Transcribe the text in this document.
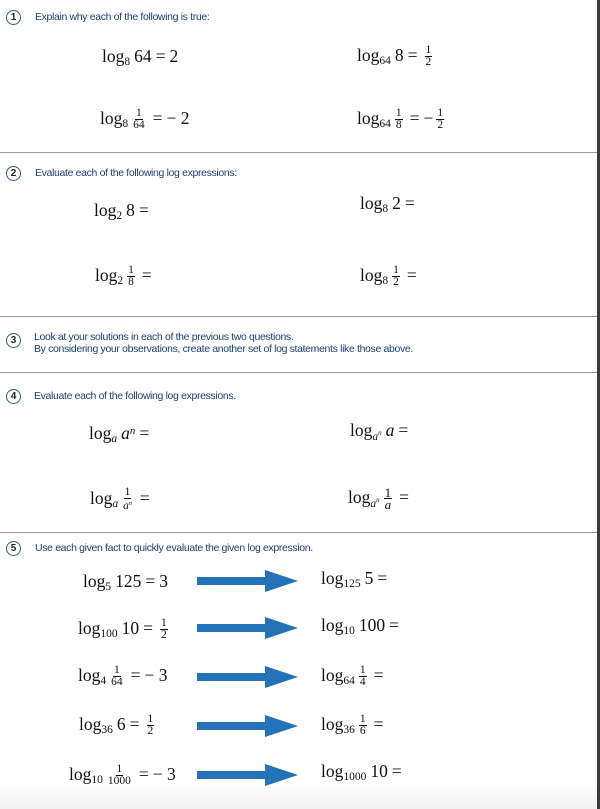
1	Explain why each of the following is true:
log 8 64 = 2	log 64 $8 = \frac{1}{2}$
$\log 8 \frac{1}{64}$ = − 2	$\log 64 \frac{1}{8}$ = − $\frac{1}{2}$
2	Evaluate each of the following log expressions:
log 2 8 =	log 8 2 =
$\log 2 \frac{1}{8}$ =	$\log 8 \frac{1}{2}$ =
3	Look at your solutions in each of the previous two questions.
By considering your observations, create another set of log statements like those above.
4	Evaluate each of the following log expressions.
log a $a^n$ =	$\log a^n$ a =
log a $\frac{1}{a^n}$ =	$\log a^n \frac{1}{a}$ =
5	Use each given fact to quickly evaluate the given log expression.
log 5 125 = 3	log 125 5 =
log 100 $10 = \frac{1}{2}$	log 10 100 =
$\log 4 \frac{1}{64}$ = − 3	$\log 64 \frac{1}{4}$ =
log 36 $6 = \frac{1}{2}$	$\log 36 \frac{1}{6}$ =
$\log 10 \frac{1}{1000}$ = − 3	log 1000 10 =
